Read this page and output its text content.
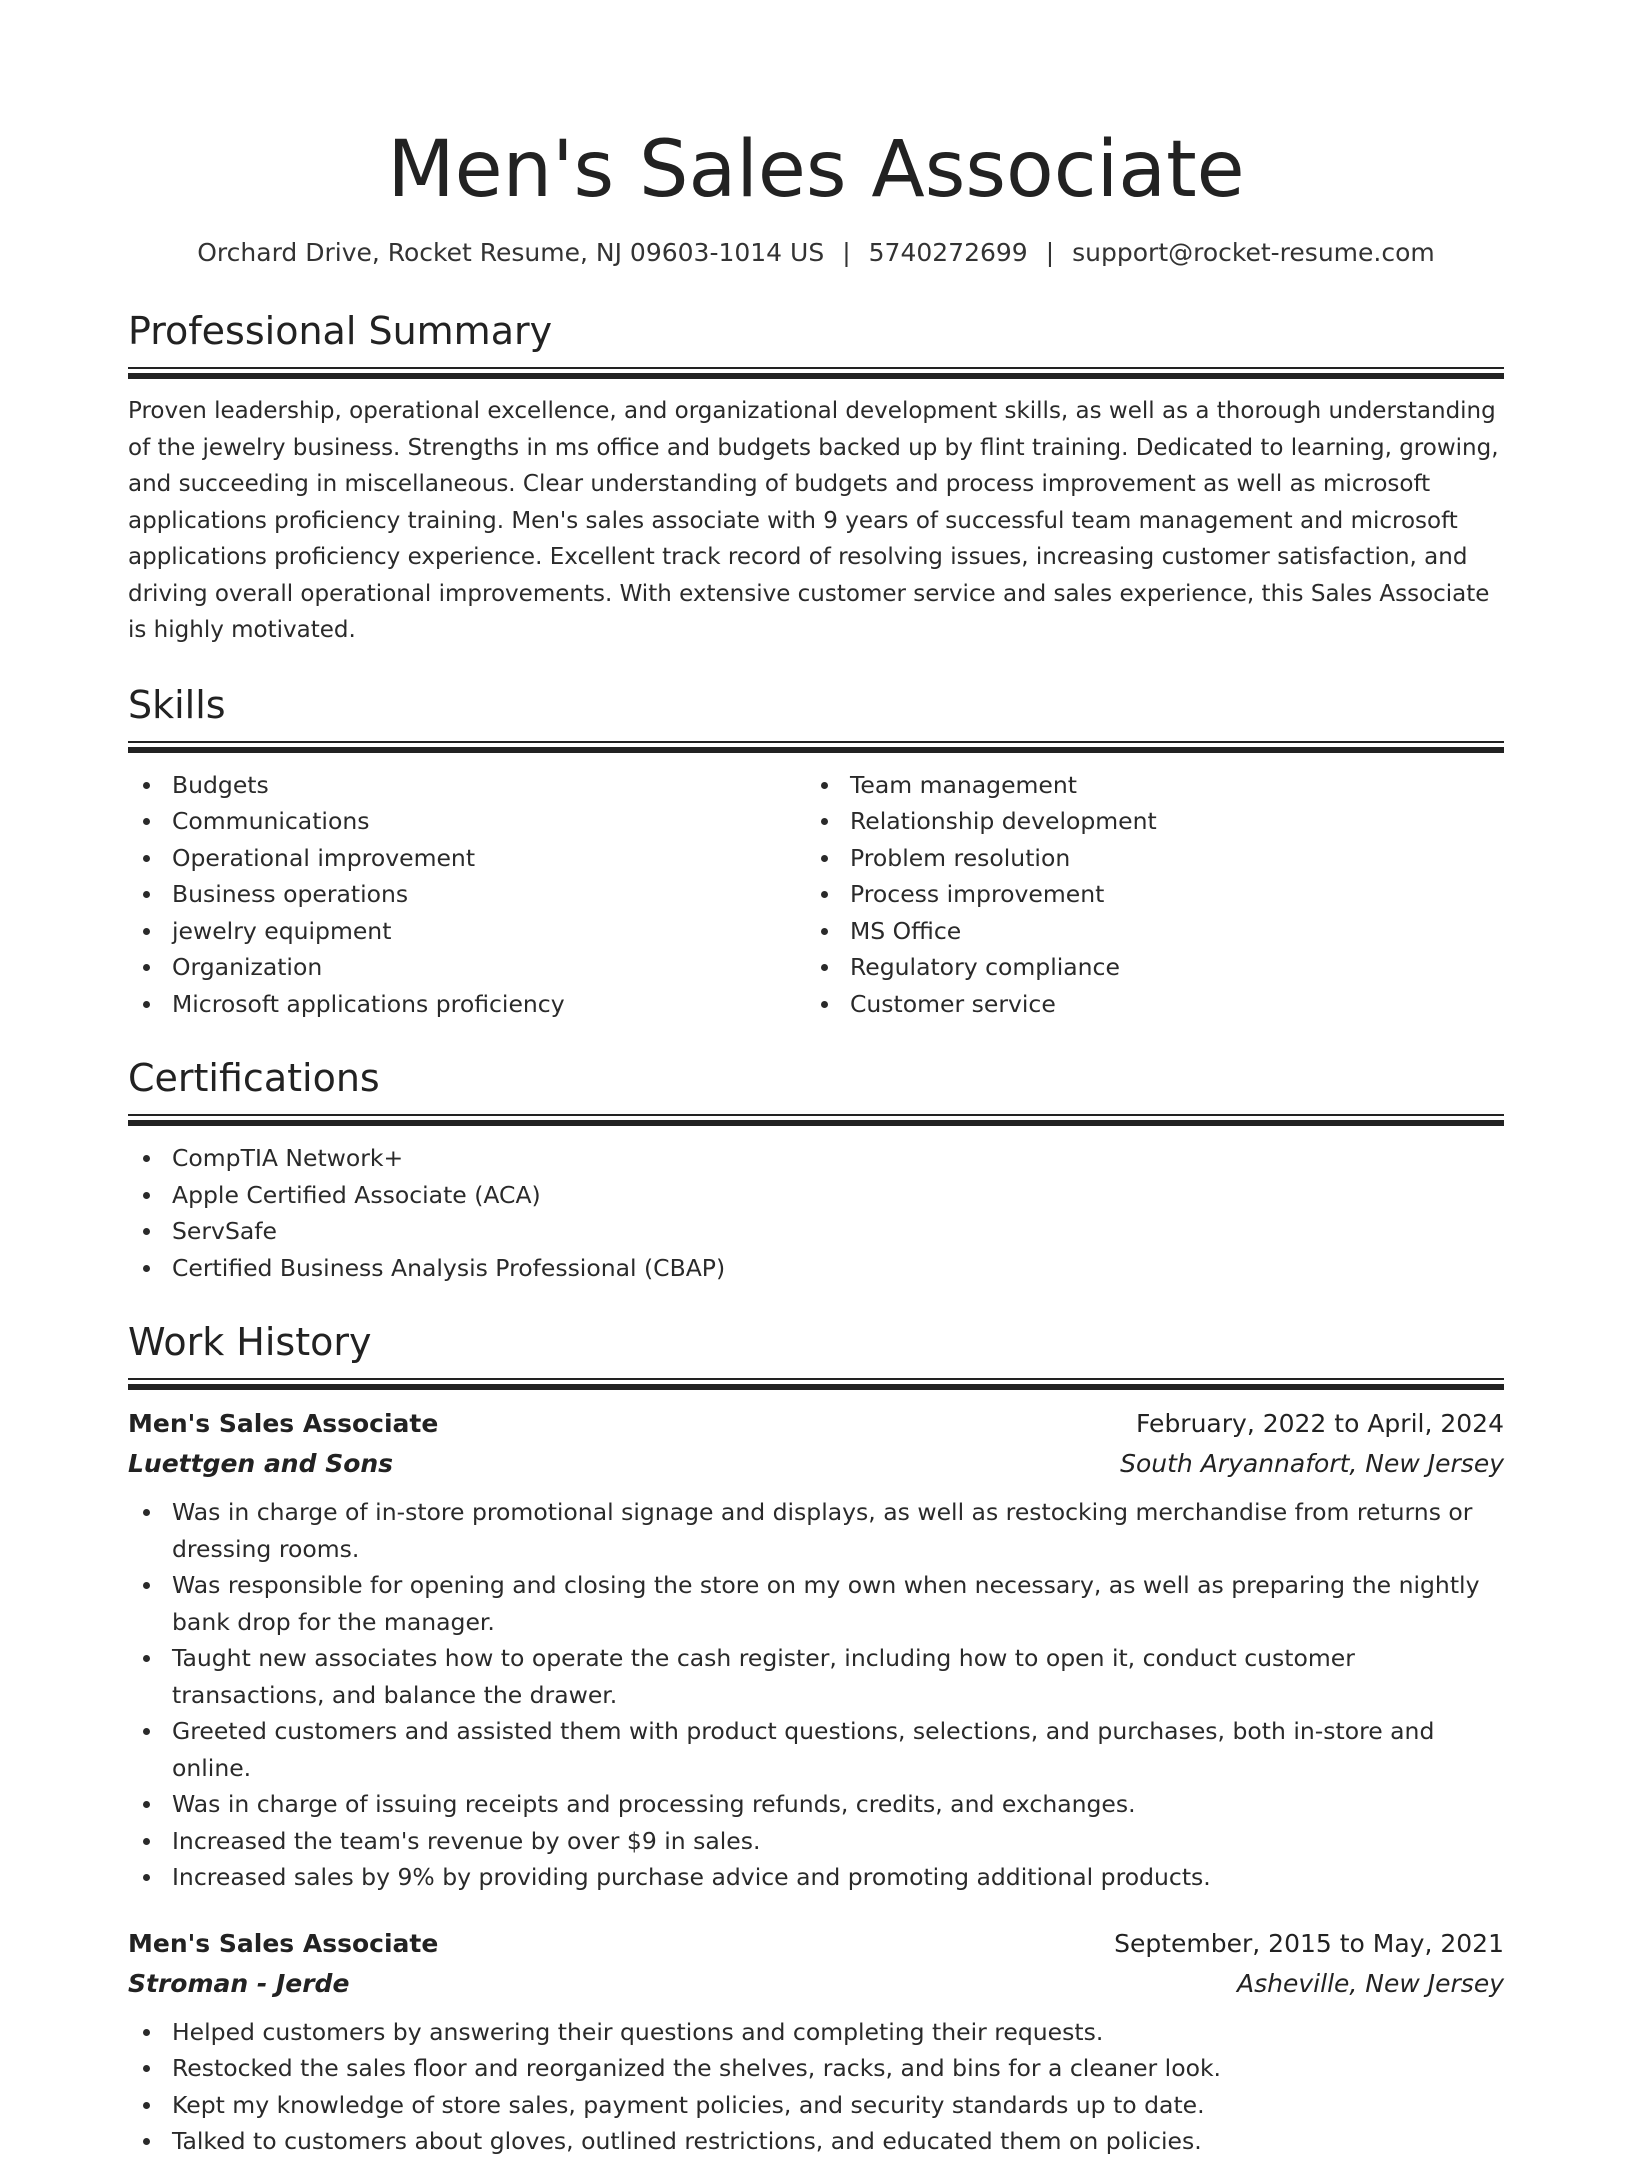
Men's Sales Associate
Orchard Drive, Rocket Resume, NJ 09603-1014 US | 5740272699 | support@rocket-resume.com
Professional Summary
Proven leadership, operational excellence, and organizational development skills, as well as a thorough understanding of the jewelry business. Strengths in ms office and budgets backed up by flint training. Dedicated to learning, growing, and succeeding in miscellaneous. Clear understanding of budgets and process improvement as well as microsoft applications proficiency training. Men's sales associate with 9 years of successful team management and microsoft applications proficiency experience. Excellent track record of resolving issues, increasing customer satisfaction, and driving overall operational improvements. With extensive customer service and sales experience, this Sales Associate is highly motivated.
Skills
Budgets
Communications
Operational improvement
Business operations
jewelry equipment
Organization
Microsoft applications proficiency
Team management
Relationship development
Problem resolution
Process improvement
MS Office
Regulatory compliance
Customer service
Certifications
CompTIA Network+
Apple Certified Associate (ACA)
ServSafe
Certified Business Analysis Professional (CBAP)
Work History
Men's Sales Associate	February, 2022 to April, 2024
Luettgen and Sons	South Aryannafort, New Jersey
Was in charge of in-store promotional signage and displays, as well as restocking merchandise from returns or dressing rooms.
Was responsible for opening and closing the store on my own when necessary, as well as preparing the nightly bank drop for the manager.
Taught new associates how to operate the cash register, including how to open it, conduct customer transactions, and balance the drawer.
Greeted customers and assisted them with product questions, selections, and purchases, both in-store and online.
Was in charge of issuing receipts and processing refunds, credits, and exchanges.
Increased the team's revenue by over $9 in sales.
Increased sales by 9% by providing purchase advice and promoting additional products.
Men's Sales Associate	September, 2015 to May, 2021
Stroman - Jerde	Asheville, New Jersey
Helped customers by answering their questions and completing their requests.
Restocked the sales floor and reorganized the shelves, racks, and bins for a cleaner look.
Kept my knowledge of store sales, payment policies, and security standards up to date.
Talked to customers about gloves, outlined restrictions, and educated them on policies.
